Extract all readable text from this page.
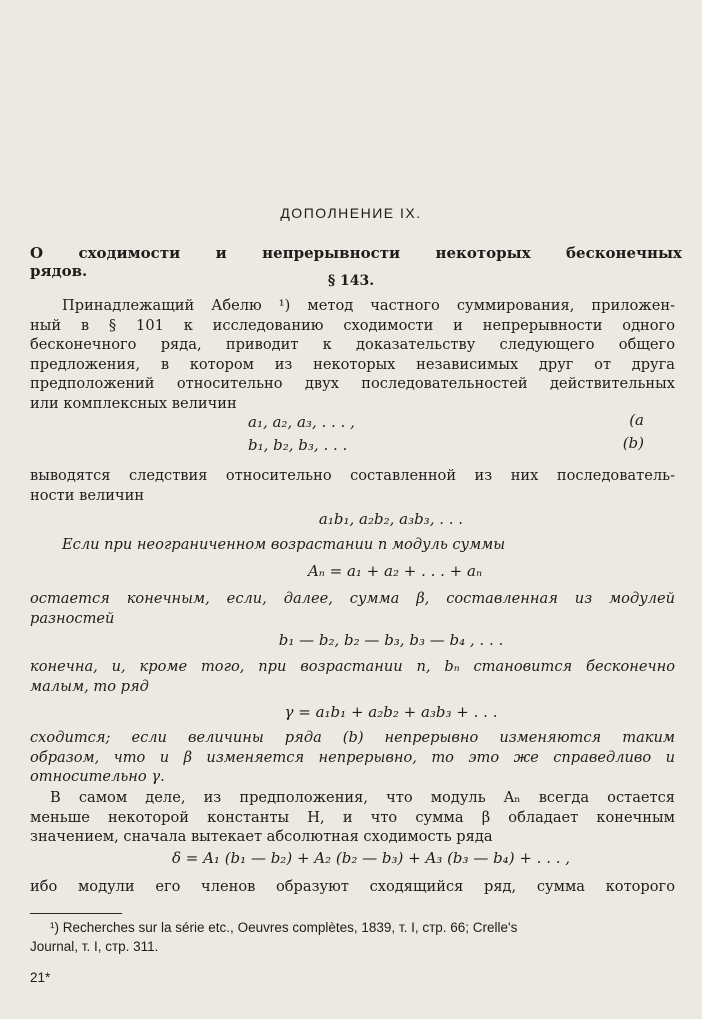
ДОПОЛНЕНИЕ IX.
О сходимости и непрерывности некоторых бесконечных рядов.
§ 143.
Принадлежащий Абелю ¹) метод частного суммирования, приложен-
ный в § 101 к исследованию сходимости и непрерывности одного
бесконечного ряда, приводит к доказательству следующего общего
предложения, в котором из некоторых независимых друг от друга
предположений относительно двух последовательностей действительных
или комплексных величин
a₁, a₂, a₃, . . . ,	(a
b₁, b₂, b₃, . . .	(b)
выводятся следствия относительно составленной из них последователь-
ности величин
a₁b₁, a₂b₂, a₃b₃, . . .
Если при неограниченном возрастании n модуль суммы
Aₙ = a₁ + a₂ + . . . + aₙ
остается конечным, если, далее, сумма β, составленная из модулей
разностей
b₁ — b₂, b₂ — b₃, b₃ — b₄ , . . .
конечна, и, кроме того, при возрастании n, bₙ становится бесконечно
малым, то ряд
γ = a₁b₁ + a₂b₂ + a₃b₃ + . . .
сходится; если величины ряда (b) непрерывно изменяются таким
образом, что и β изменяется непрерывно, то это же справедливо и
относительно γ.
В самом деле, из предположения, что модуль Aₙ всегда остается
меньше некоторой константы H, и что сумма β обладает конечным
значением, сначала вытекает абсолютная сходимость ряда
δ = A₁ (b₁ — b₂) + A₂ (b₂ — b₃) + A₃ (b₃ — b₄) + . . . ,
ибо модули его членов образуют сходящийся ряд, сумма которого
¹) Recherches sur la série etc., Oeuvres complètes, 1839, т. I, стр. 66; Crelle's
Journal, т. I, стр. 311.
21*
